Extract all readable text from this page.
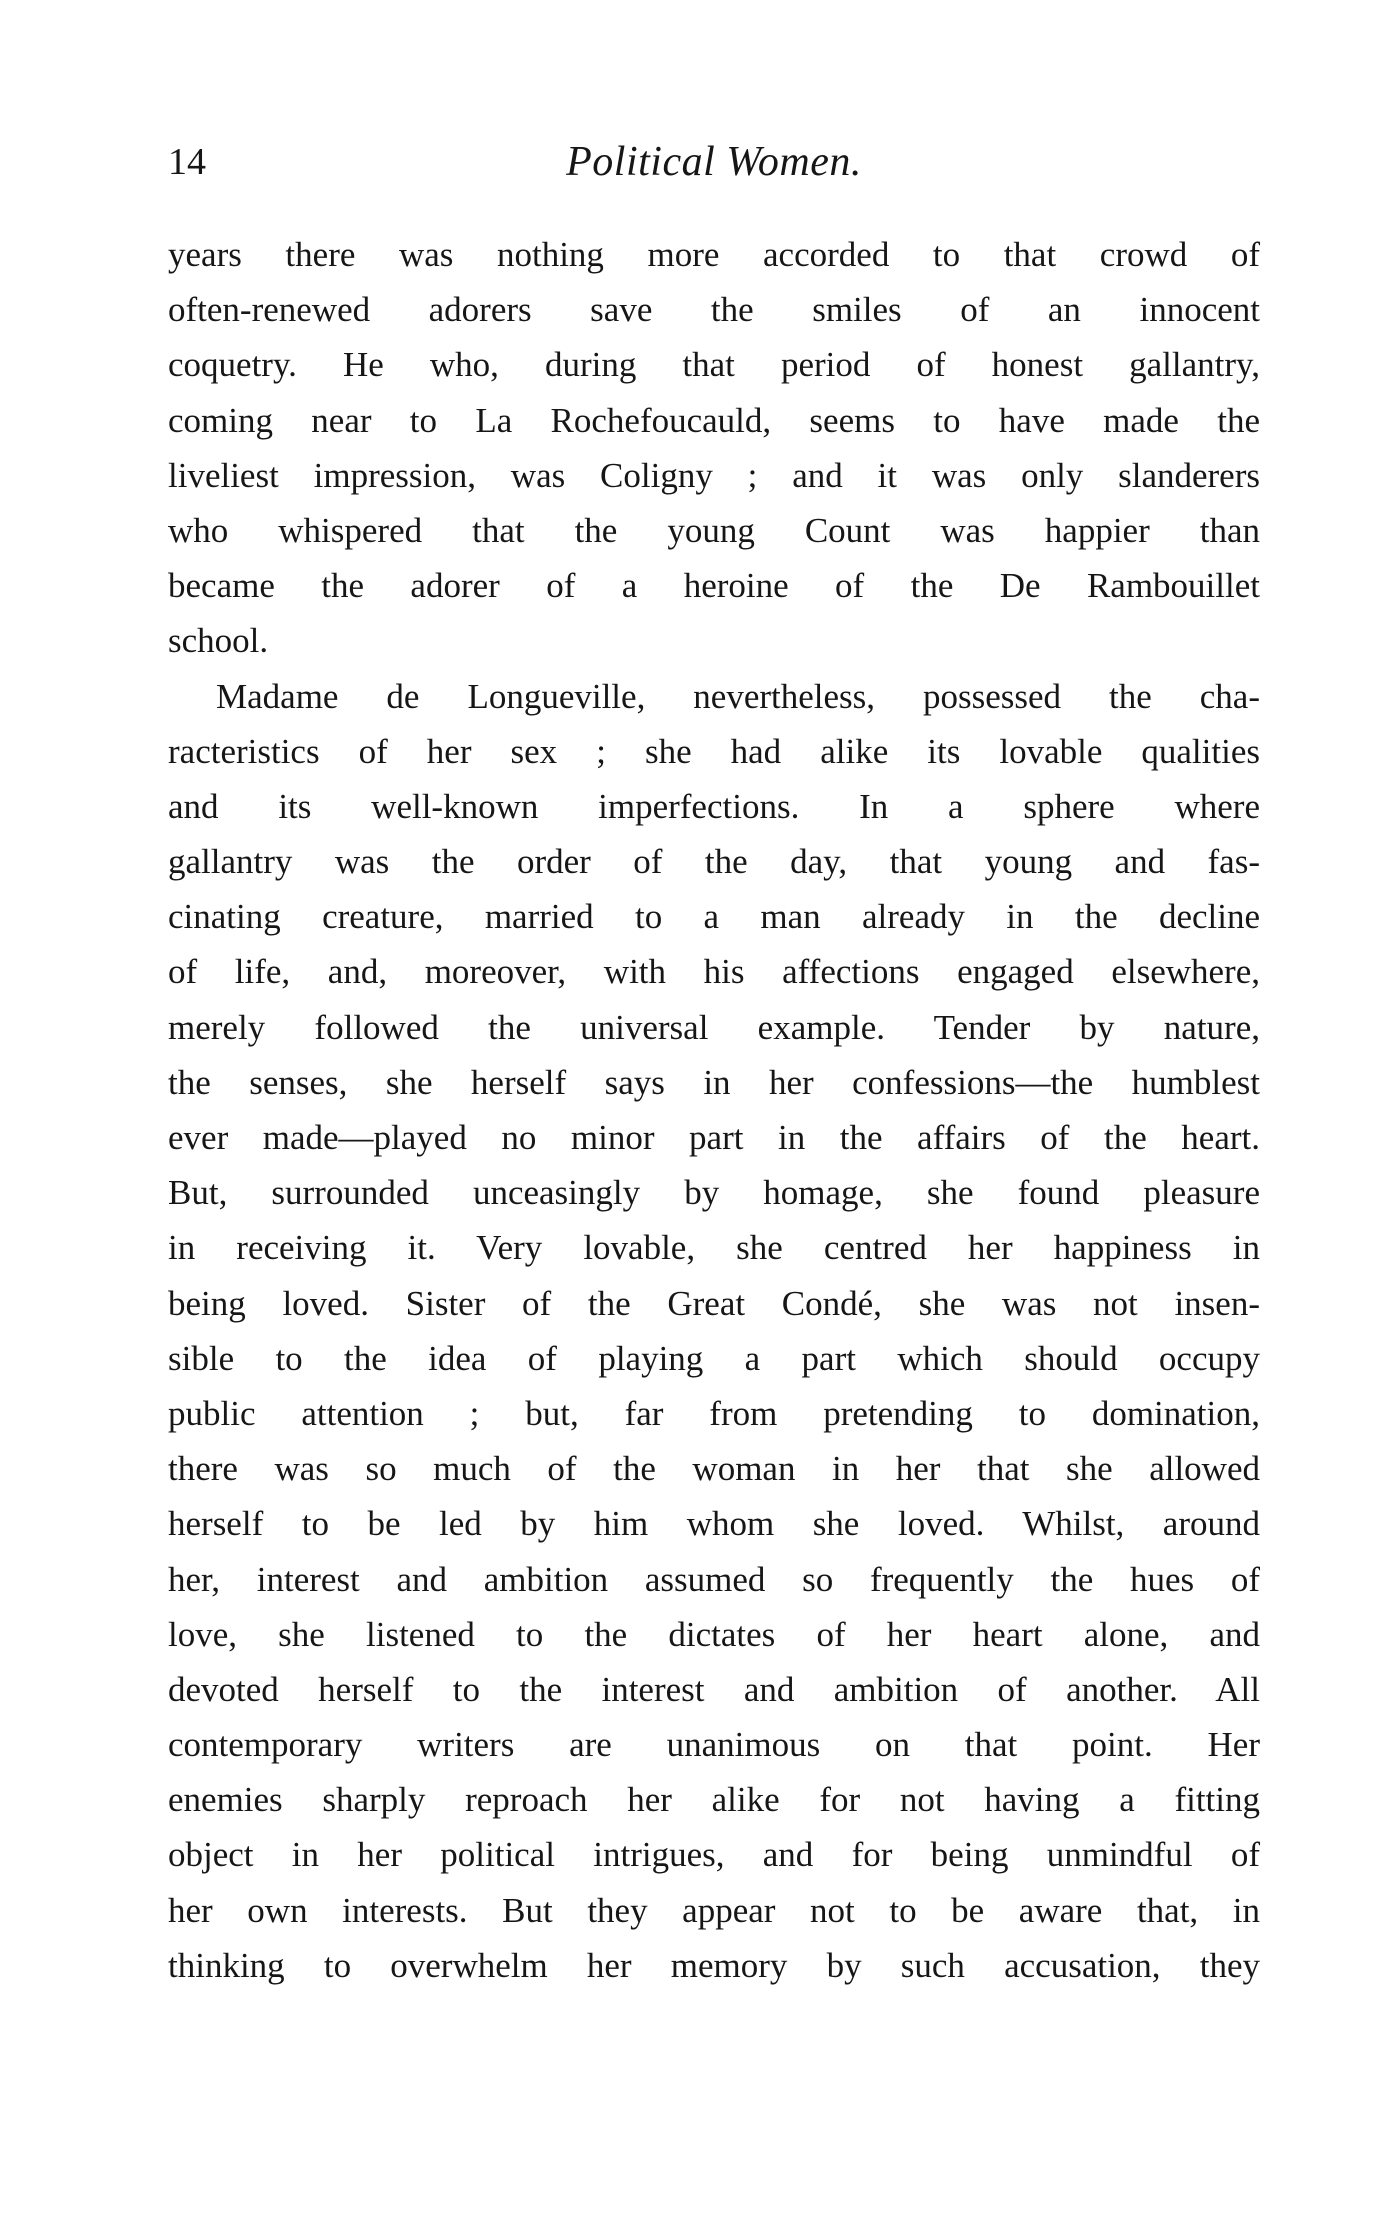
14	Political Women.
years there was nothing more accorded to that crowd of
often-renewed adorers save the smiles of an innocent
coquetry. He who, during that period of honest gallantry,
coming near to La Rochefoucauld, seems to have made the
liveliest impression, was Coligny ; and it was only slanderers
who whispered that the young Count was happier than
became the adorer of a heroine of the De Rambouillet
school.
Madame de Longueville, nevertheless, possessed the cha-
racteristics of her sex ; she had alike its lovable qualities
and its well-known imperfections. In a sphere where
gallantry was the order of the day, that young and fas-
cinating creature, married to a man already in the decline
of life, and, moreover, with his affections engaged elsewhere,
merely followed the universal example. Tender by nature,
the senses, she herself says in her confessions—the humblest
ever made—played no minor part in the affairs of the heart.
But, surrounded unceasingly by homage, she found pleasure
in receiving it. Very lovable, she centred her happiness in
being loved. Sister of the Great Condé, she was not insen-
sible to the idea of playing a part which should occupy
public attention ; but, far from pretending to domination,
there was so much of the woman in her that she allowed
herself to be led by him whom she loved. Whilst, around
her, interest and ambition assumed so frequently the hues of
love, she listened to the dictates of her heart alone, and
devoted herself to the interest and ambition of another. All
contemporary writers are unanimous on that point. Her
enemies sharply reproach her alike for not having a fitting
object in her political intrigues, and for being unmindful of
her own interests. But they appear not to be aware that, in
thinking to overwhelm her memory by such accusation, they
